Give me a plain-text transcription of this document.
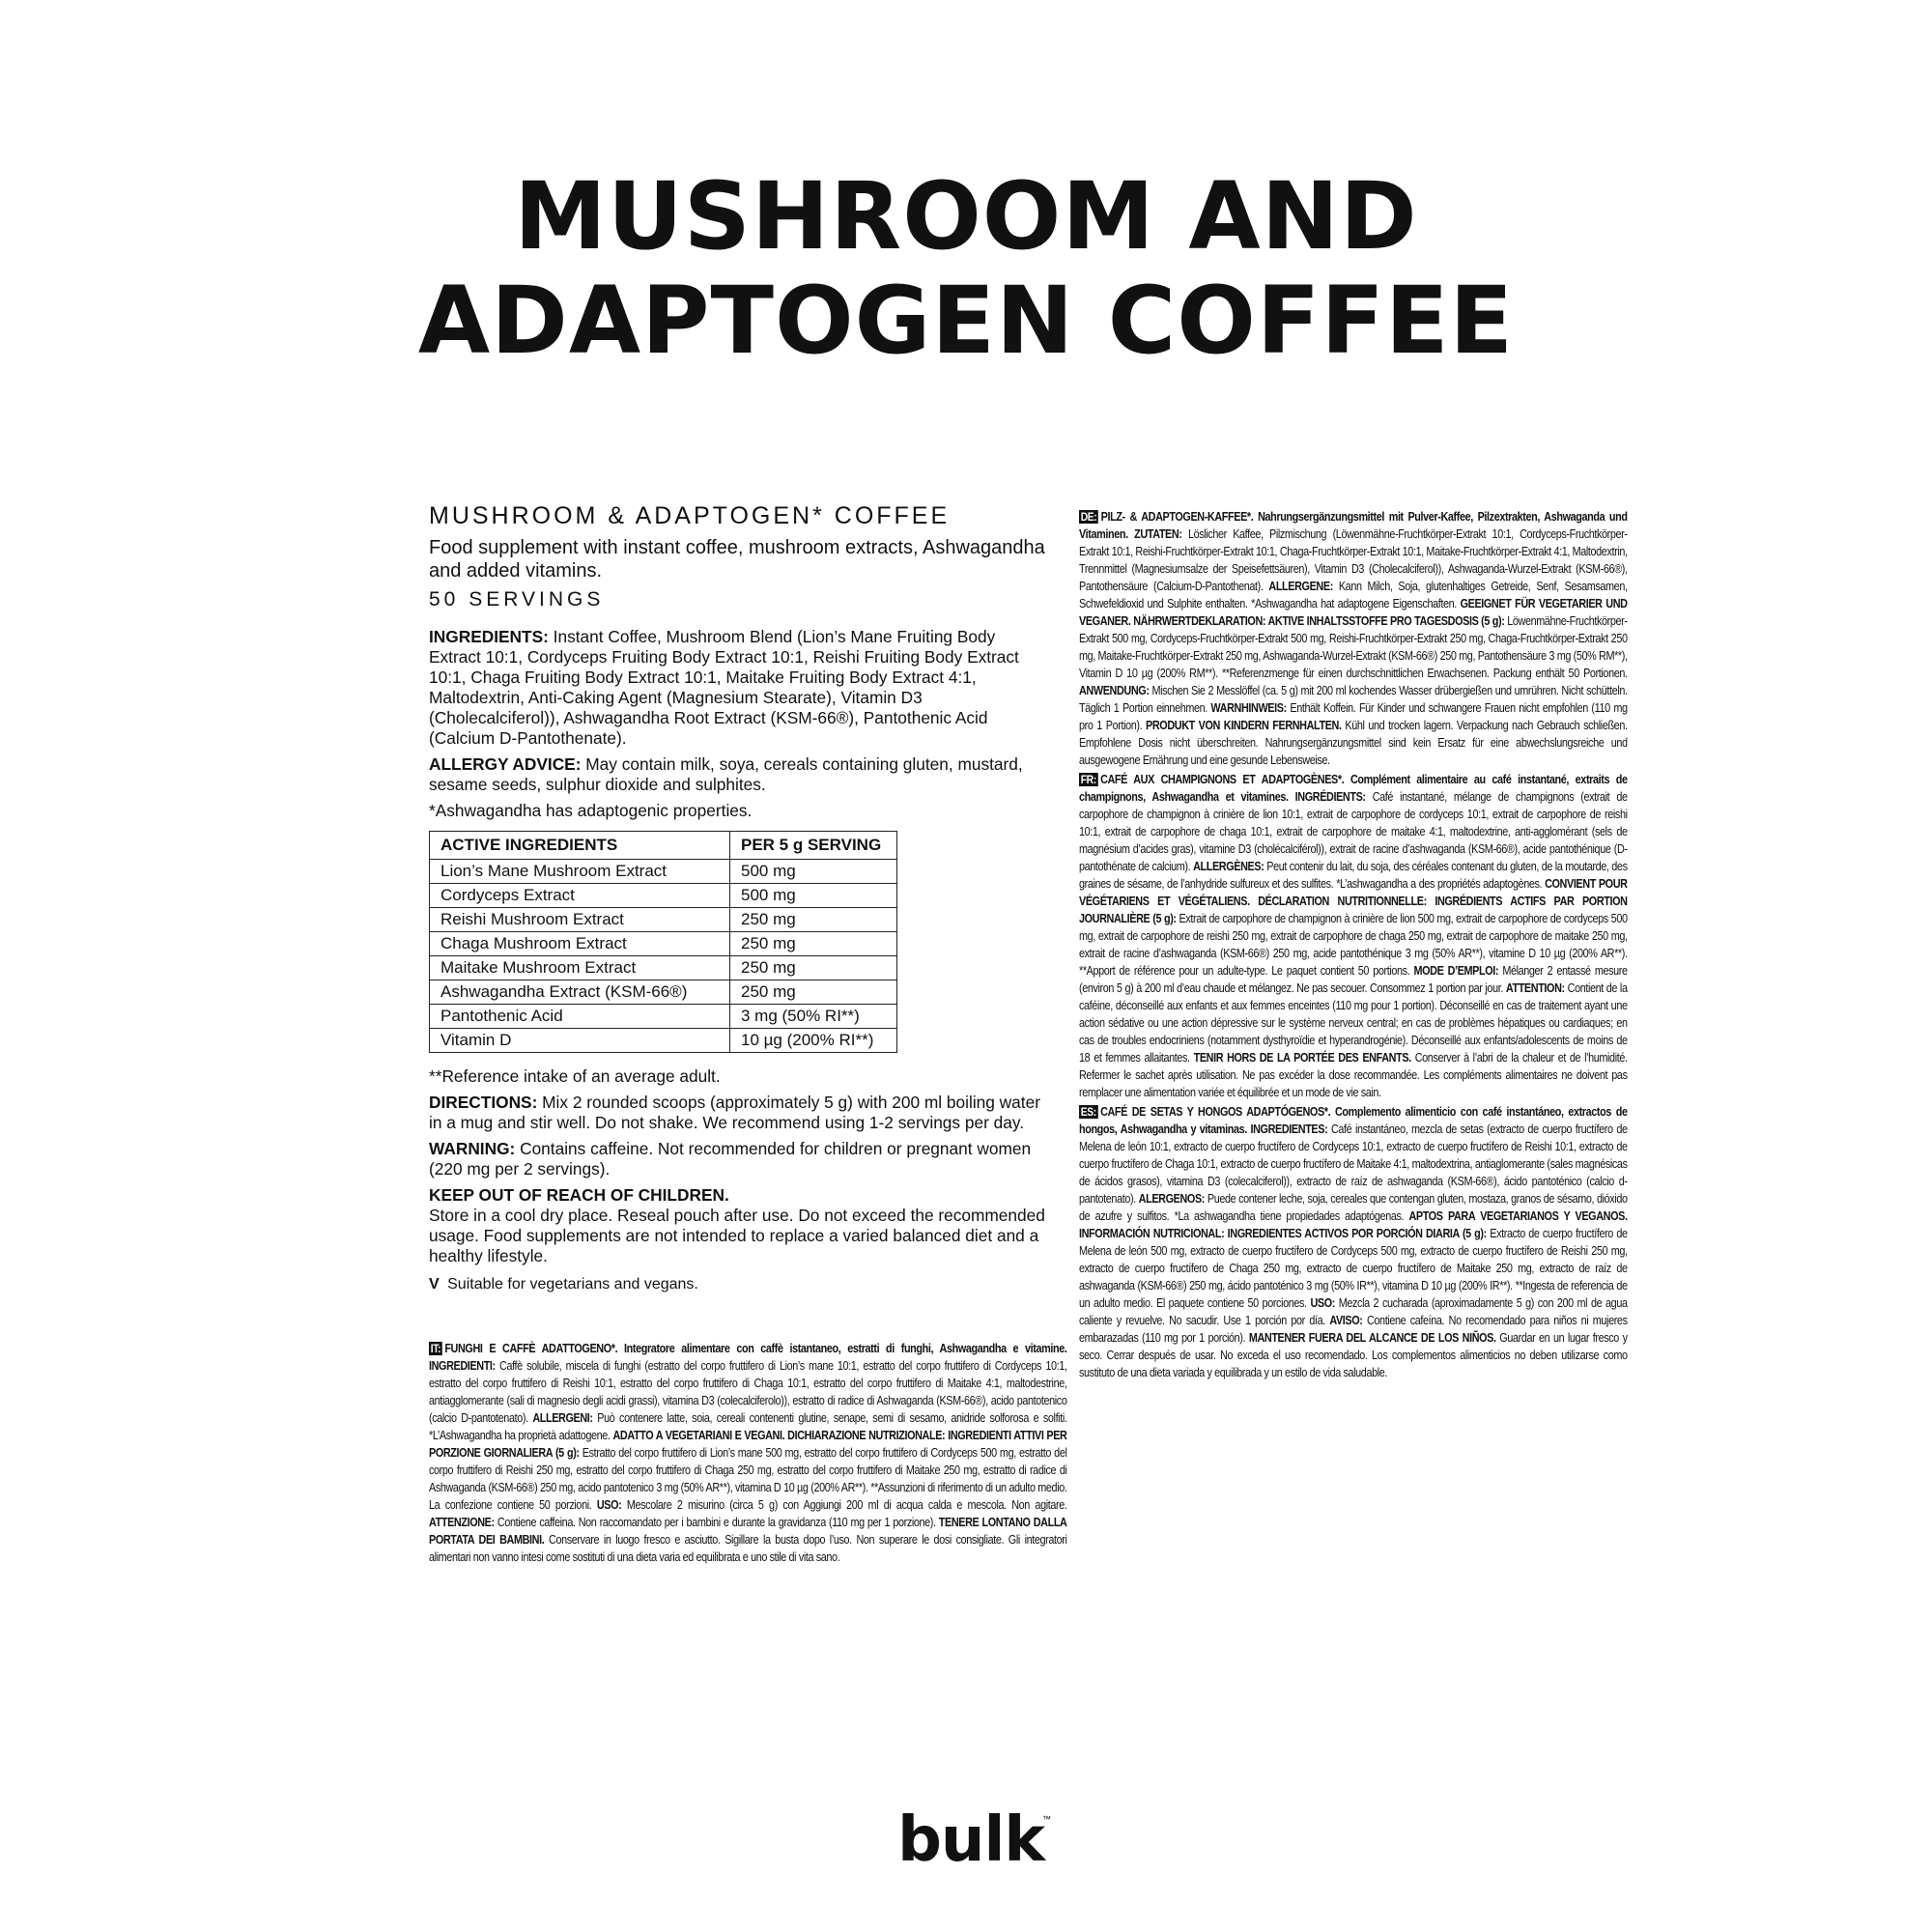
MUSHROOM AND
ADAPTOGEN COFFEE
MUSHROOM & ADAPTOGEN* COFFEE
Food supplement with instant coffee, mushroom extracts, Ashwagandha and added vitamins.
50 SERVINGS

INGREDIENTS: Instant Coffee, Mushroom Blend (Lion’s Mane Fruiting Body Extract 10:1, Cordyceps Fruiting Body Extract 10:1, Reishi Fruiting Body Extract 10:1, Chaga Fruiting Body Extract 10:1, Maitake Fruiting Body Extract 4:1, Maltodextrin, Anti-Caking Agent (Magnesium Stearate), Vitamin D3 (Cholecalciferol)), Ashwagandha Root Extract (KSM-66®), Pantothenic Acid (Calcium D-Pantothenate).

ALLERGY ADVICE: May contain milk, soya, cereals containing gluten, mustard, sesame seeds, sulphur dioxide and sulphites.

*Ashwagandha has adaptogenic properties.

ACTIVE INGREDIENTS	PER 5 g SERVING
Lion’s Mane Mushroom Extract	500 mg
Cordyceps Extract	500 mg
Reishi Mushroom Extract	250 mg
Chaga Mushroom Extract	250 mg
Maitake Mushroom Extract	250 mg
Ashwagandha Extract (KSM-66®)	250 mg
Pantothenic Acid	3 mg (50% RI**)
Vitamin D	10 µg (200% RI**)

**Reference intake of an average adult.

DIRECTIONS: Mix 2 rounded scoops (approximately 5 g) with 200 ml boiling water in a mug and stir well. Do not shake. We recommend using 1-2 servings per day.

WARNING: Contains caffeine. Not recommended for children or pregnant women (220 mg per 2 servings).

KEEP OUT OF REACH OF CHILDREN.
Store in a cool dry place. Reseal pouch after use. Do not exceed the recommended usage. Food supplements are not intended to replace a varied balanced diet and a healthy lifestyle.

V Suitable for vegetarians and vegans.

IT: FUNGHI E CAFFÈ ADATTOGENO*. Integratore alimentare con caffè istantaneo, estratti di funghi, Ashwagandha e vitamine. INGREDIENTI: Caffè solubile, miscela di funghi (estratto del corpo fruttifero di Lion’s mane 10:1, estratto del corpo fruttifero di Cordyceps 10:1, estratto del corpo fruttifero di Reishi 10:1, estratto del corpo fruttifero di Chaga 10:1, estratto del corpo fruttifero di Maitake 4:1, maltodestrine, antiagglomerante (sali di magnesio degli acidi grassi), vitamina D3 (colecalciferolo)), estratto di radice di Ashwaganda (KSM-66®), acido pantotenico (calcio D-pantotenato). ALLERGENI: Può contenere latte, soia, cereali contenenti glutine, senape, semi di sesamo, anidride solforosa e solfiti. *L’Ashwagandha ha proprietà adattogene. ADATTO A VEGETARIANI E VEGANI. DICHIARAZIONE NUTRIZIONALE: INGREDIENTI ATTIVI PER PORZIONE GIORNALIERA (5 g): Estratto del corpo fruttifero di Lion’s mane 500 mg, estratto del corpo fruttifero di Cordyceps 500 mg, estratto del corpo fruttifero di Reishi 250 mg, estratto del corpo fruttifero di Chaga 250 mg, estratto del corpo fruttifero di Maitake 250 mg, estratto di radice di Ashwaganda (KSM-66®) 250 mg, acido pantotenico 3 mg (50% AR**), vitamina D 10 µg (200% AR**). **Assunzioni di riferimento di un adulto medio. La confezione contiene 50 porzioni. USO: Mescolare 2 misurino (circa 5 g) con Aggiungi 200 ml di acqua calda e mescola. Non agitare. ATTENZIONE: Contiene caffeina. Non raccomandato per i bambini e durante la gravidanza (110 mg per 1 porzione). TENERE LONTANO DALLA PORTATA DEI BAMBINI. Conservare in luogo fresco e asciutto. Sigillare la busta dopo l’uso. Non superare le dosi consigliate. Gli integratori alimentari non vanno intesi come sostituti di una dieta varia ed equilibrata e uno stile di vita sano.

DE: PILZ- & ADAPTOGEN-KAFFEE*. Nahrungsergänzungsmittel mit Pulver-Kaffee, Pilzextrakten, Ashwaganda und Vitaminen. ZUTATEN: Löslicher Kaffee, Pilzmischung (Löwenmähne-Fruchtkörper-Extrakt 10:1, Cordyceps-Fruchtkörper-Extrakt 10:1, Reishi-Fruchtkörper-Extrakt 10:1, Chaga-Fruchtkörper-Extrakt 10:1, Maitake-Fruchtkörper-Extrakt 4:1, Maltodextrin, Trennmittel (Magnesiumsalze der Speisefettsäuren), Vitamin D3 (Cholecalciferol)), Ashwaganda-Wurzel-Extrakt (KSM-66®), Pantothensäure (Calcium-D-Pantothenat). ALLERGENE: Kann Milch, Soja, glutenhaltiges Getreide, Senf, Sesamsamen, Schwefeldioxid und Sulphite enthalten. *Ashwagandha hat adaptogene Eigenschaften. GEEIGNET FÜR VEGETARIER UND VEGANER. NÄHRWERTDEKLARATION: AKTIVE INHALTSSTOFFE PRO TAGESDOSIS (5 g): Löwenmähne-Fruchtkörper-Extrakt 500 mg, Cordyceps-Fruchtkörper-Extrakt 500 mg, Reishi-Fruchtkörper-Extrakt 250 mg, Chaga-Fruchtkörper-Extrakt 250 mg, Maitake-Fruchtkörper-Extrakt 250 mg, Ashwaganda-Wurzel-Extrakt (KSM-66®) 250 mg, Pantothensäure 3 mg (50% RM**), Vitamin D 10 µg (200% RM**). **Referenzmenge für einen durchschnittlichen Erwachsenen. Packung enthält 50 Portionen. ANWENDUNG: Mischen Sie 2 Messlöffel (ca. 5 g) mit 200 ml kochendes Wasser drübergießen und umrühren. Nicht schütteln. Täglich 1 Portion einnehmen. WARNHINWEIS: Enthält Koffein. Für Kinder und schwangere Frauen nicht empfohlen (110 mg pro 1 Portion). PRODUKT VON KINDERN FERNHALTEN. Kühl und trocken lagern. Verpackung nach Gebrauch schließen. Empfohlene Dosis nicht überschreiten. Nahrungsergänzungsmittel sind kein Ersatz für eine abwechslungsreiche und ausgewogene Ernährung und eine gesunde Lebensweise.

FR: CAFÉ AUX CHAMPIGNONS ET ADAPTOGÈNES*. Complément alimentaire au café instantané, extraits de champignons, Ashwagandha et vitamines. INGRÉDIENTS: Café instantané, mélange de champignons (extrait de carpophore de champignon à crinière de lion 10:1, extrait de carpophore de cordyceps 10:1, extrait de carpophore de reishi 10:1, extrait de carpophore de chaga 10:1, extrait de carpophore de maitake 4:1, maltodextrine, anti-agglomérant (sels de magnésium d’acides gras), vitamine D3 (cholécalciférol)), extrait de racine d’ashwaganda (KSM-66®), acide pantothénique (D-pantothénate de calcium). ALLERGÈNES: Peut contenir du lait, du soja, des céréales contenant du gluten, de la moutarde, des graines de sésame, de l’anhydride sulfureux et des sulfites. *L’ashwagandha a des propriétés adaptogènes. CONVIENT POUR VÉGÉTARIENS ET VÉGÉTALIENS. DÉCLARATION NUTRITIONNELLE: INGRÉDIENTS ACTIFS PAR PORTION JOURNALIÈRE (5 g): Extrait de carpophore de champignon à crinière de lion 500 mg, extrait de carpophore de cordyceps 500 mg, extrait de carpophore de reishi 250 mg, extrait de carpophore de chaga 250 mg, extrait de carpophore de maitake 250 mg, extrait de racine d’ashwaganda (KSM-66®) 250 mg, acide pantothénique 3 mg (50% AR**), vitamine D 10 µg (200% AR**). **Apport de référence pour un adulte-type. Le paquet contient 50 portions. MODE D’EMPLOI: Mélanger 2 entassé mesure (environ 5 g) à 200 ml d’eau chaude et mélangez. Ne pas secouer. Consommez 1 portion par jour. ATTENTION: Contient de la caféine, déconseillé aux enfants et aux femmes enceintes (110 mg pour 1 portion). Déconseillé en cas de traitement ayant une action sédative ou une action dépressive sur le système nerveux central; en cas de problèmes hépatiques ou cardiaques; en cas de troubles endocriniens (notamment dysthyroïdie et hyperandrogénie). Déconseillé aux enfants/adolescents de moins de 18 et femmes allaitantes. TENIR HORS DE LA PORTÉE DES ENFANTS. Conserver à l’abri de la chaleur et de l’humidité. Refermer le sachet après utilisation. Ne pas excéder la dose recommandée. Les compléments alimentaires ne doivent pas remplacer une alimentation variée et équilibrée et un mode de vie sain.

ES: CAFÉ DE SETAS Y HONGOS ADAPTÓGENOS*. Complemento alimenticio con café instantáneo, extractos de hongos, Ashwagandha y vitaminas. INGREDIENTES: Café instantáneo, mezcla de setas (extracto de cuerpo fructífero de Melena de león 10:1, extracto de cuerpo fructífero de Cordyceps 10:1, extracto de cuerpo fructífero de Reishi 10:1, extracto de cuerpo fructífero de Chaga 10:1, extracto de cuerpo fructífero de Maitake 4:1, maltodextrina, antiaglomerante (sales magnésicas de ácidos grasos), vitamina D3 (colecalciferol)), extracto de raíz de ashwaganda (KSM-66®), ácido pantoténico (calcio d-pantotenato). ALERGENOS: Puede contener leche, soja, cereales que contengan gluten, mostaza, granos de sésamo, dióxido de azufre y sulfitos. *La ashwagandha tiene propiedades adaptógenas. APTOS PARA VEGETARIANOS Y VEGANOS. INFORMACIÓN NUTRICIONAL: INGREDIENTES ACTIVOS POR PORCIÓN DIARIA (5 g): Extracto de cuerpo fructífero de Melena de león 500 mg, extracto de cuerpo fructífero de Cordyceps 500 mg, extracto de cuerpo fructífero de Reishi 250 mg, extracto de cuerpo fructífero de Chaga 250 mg, extracto de cuerpo fructífero de Maitake 250 mg, extracto de raíz de ashwaganda (KSM-66®) 250 mg, ácido pantoténico 3 mg (50% IR**), vitamina D 10 µg (200% IR**). **Ingesta de referencia de un adulto medio. El paquete contiene 50 porciones. USO: Mezcla 2 cucharada (aproximadamente 5 g) con 200 ml de agua caliente y revuelve. No sacudir. Use 1 porción por día. AVISO: Contiene cafeína. No recomendado para niños ni mujeres embarazadas (110 mg por 1 porción). MANTENER FUERA DEL ALCANCE DE LOS NIÑOS. Guardar en un lugar fresco y seco. Cerrar después de usar. No exceda el uso recomendado. Los complementos alimenticios no deben utilizarse como sustituto de una dieta variada y equilibrada y un estilo de vida saludable.

bulk
™
